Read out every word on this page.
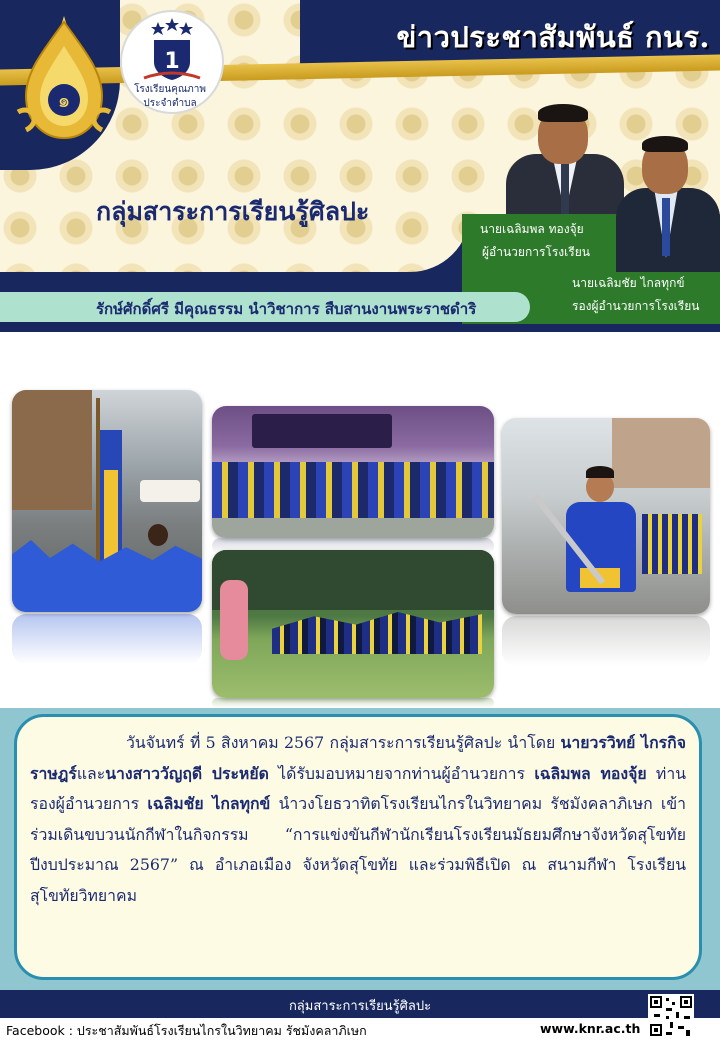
ข่าวประชาสัมพันธ์ กนร.
๑
1
โรงเรียนคุณภาพ
ประจำตำบล
กลุ่มสาระการเรียนรู้ศิลปะ
นายเฉลิมพล ทองจุ้ย
ผู้อำนวยการโรงเรียน
นายเฉลิมชัย ไกลทุกข์
รองผู้อำนวยการโรงเรียน
รักษ์ศักดิ์ศรี มีคุณธรรม นำวิชาการ สืบสานงานพระราชดำริ
วันที่ 5 สิงหาคม 2567	โรงเรียนไกรในวิทยาคม รัชมังคลาภิเษก
สำนักงานเขตพื้นที่การศึกษามัธยมศึกษาสุโขทัย
วันจันทร์ ที่ 5 สิงหาคม 2567 กลุ่มสาระการเรียนรู้ศิลปะ นำโดย นายวรวิทย์ ไกรกิจราษฎร์และนางสาววัญฤดี ประหยัด ได้รับมอบหมายจากท่านผู้อำนวยการ เฉลิมพล ทองจุ้ย ท่านรองผู้อำนวยการ เฉลิมชัย ไกลทุกข์ นำวงโยธวาทิตโรงเรียนไกรในวิทยาคม รัชมังคลาภิเษก เข้าร่วมเดินขบวนนักกีฬาในกิจกรรม “การแข่งขันกีฬานักเรียนโรงเรียนมัธยมศึกษาจังหวัดสุโขทัย ปีงบประมาณ 2567” ณ อำเภอเมือง จังหวัดสุโขทัย และร่วมพิธีเปิด ณ สนามกีฬา โรงเรียนสุโขทัยวิทยาคม
กลุ่มสาระการเรียนรู้ศิลปะ
Facebook : ประชาสัมพันธ์โรงเรียนไกรในวิทยาคม รัชมังคลาภิเษก	www.knr.ac.th
